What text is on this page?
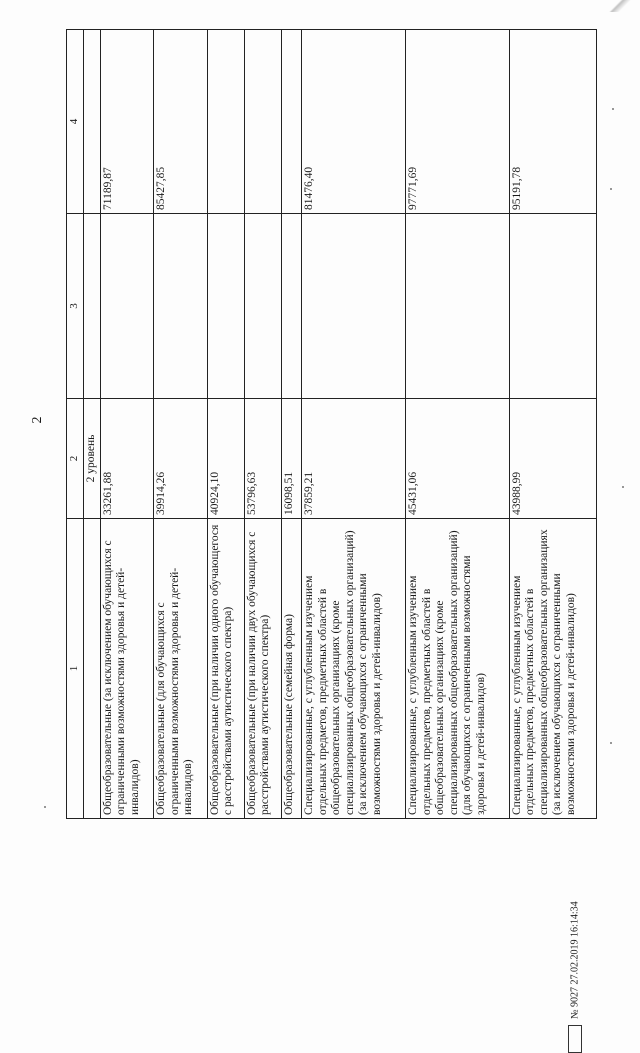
2
1	2	3	4
	2 уровень		
Общеобразовательные (за исключением обучающихся с ограниченными возможностями здоровья и детей-инвалидов)	33261,88		71189,87
Общеобразовательные (для обучающихся с ограниченными возможностями здоровья и детей-инвалидов)	39914,26		85427,85
Общеобразовательные (при наличии одного обучающегося с расстройствами аутистического спектра)	40924,10		
Общеобразовательные (при наличии двух обучающихся с расстройствами аутистического спектра)	53796,63		
Общеобразовательные (семейная форма)	16098,51		
Специализированные, с углубленным изучением отдельных предметов, предметных областей в общеобразовательных организациях (кроме специализированных общеобразовательных организаций) (за исключением обучающихся с ограниченными возможностями здоровья и детей-инвалидов)	37859,21		81476,40
Специализированные, с углубленным изучением отдельных предметов, предметных областей в общеобразовательных организациях (кроме специализированных общеобразовательных организаций) (для обучающихся с ограниченными возможностями здоровья и детей-инвалидов)	45431,06		97771,69
Специализированные, с углубленным изучением отдельных предметов, предметных областей в специализированных общеобразовательных организациях (за исключением обучающихся с ограниченными возможностями здоровья и детей-инвалидов)	43988,99		95191,78
№ 9027 27.02.2019 16:14:34
